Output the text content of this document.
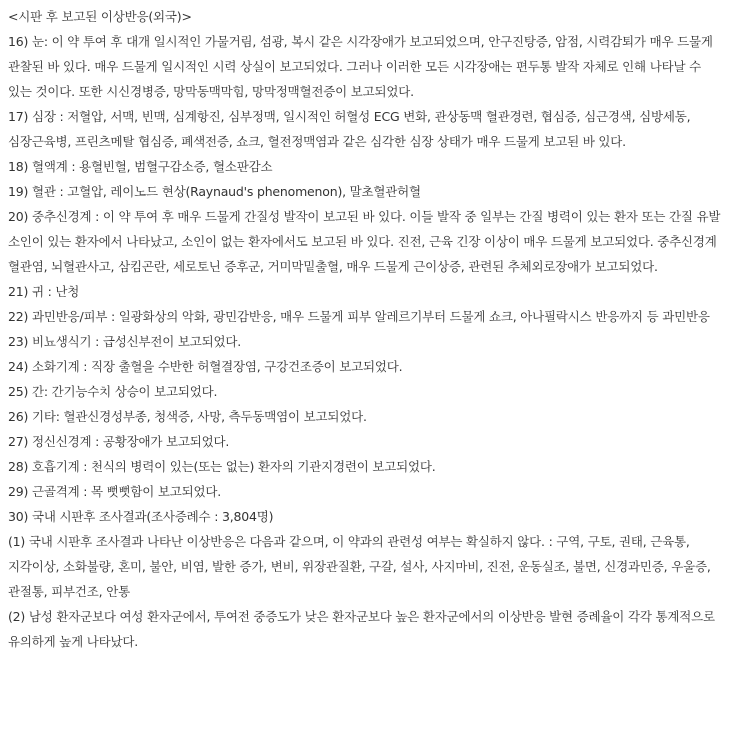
<시판 후 보고된 이상반응(외국)>

16) 눈: 이 약 투여 후 대개 일시적인 가물거림, 섬광, 복시 같은 시각장애가 보고되었으며, 안구진탕증, 암점, 시력감퇴가 매우 드물게 관찰된 바 있다. 매우 드물게 일시적인 시력 상실이 보고되었다. 그러나 이러한 모든 시각장애는 편두통 발작 자체로 인해 나타날 수 있는 것이다. 또한 시신경병증, 망막동맥막힘, 망막정맥혈전증이 보고되었다.

17) 심장 : 저혈압, 서맥, 빈맥, 심계항진, 심부정맥, 일시적인 허혈성 ECG 변화, 관상동맥 혈관경련, 협심증, 심근경색, 심방세동, 심장근육병, 프린츠메탈 협심증, 폐색전증, 쇼크, 혈전정맥염과 같은 심각한 심장 상태가 매우 드물게 보고된 바 있다.

18) 혈액계 : 용혈빈혈, 범혈구감소증, 혈소판감소

19) 혈관 : 고혈압, 레이노드 현상(Raynaud's phenomenon), 말초혈관허혈

20) 중추신경계 : 이 약 투여 후 매우 드물게 간질성 발작이 보고된 바 있다. 이들 발작 중 일부는 간질 병력이 있는 환자 또는 간질 유발 소인이 있는 환자에서 나타났고, 소인이 없는 환자에서도 보고된 바 있다. 진전, 근육 긴장 이상이 매우 드물게 보고되었다. 중추신경계 혈관염, 뇌혈관사고, 삼킴곤란, 세로토닌 증후군, 거미막밑출혈, 매우 드물게 근이상증, 관련된 추체외로장애가 보고되었다.

21) 귀 : 난청

22) 과민반응/피부 : 일광화상의 악화, 광민감반응, 매우 드물게 피부 알레르기부터 드물게 쇼크, 아나필락시스 반응까지 등 과민반응

23) 비뇨생식기 : 급성신부전이 보고되었다.

24) 소화기계 : 직장 출혈을 수반한 허혈결장염, 구강건조증이 보고되었다.

25) 간: 간기능수치 상승이 보고되었다.

26) 기타: 혈관신경성부종, 청색증, 사망, 측두동맥염이 보고되었다.

27) 정신신경계 : 공황장애가 보고되었다.

28) 호흡기계 : 천식의 병력이 있는(또는 없는) 환자의 기관지경련이 보고되었다.

29) 근골격계 : 목 뻣뻣함이 보고되었다.

30) 국내 시판후 조사결과(조사증례수 : 3,804명)

(1) 국내 시판후 조사결과 나타난 이상반응은 다음과 같으며, 이 약과의 관련성 여부는 확실하지 않다. : 구역, 구토, 권태, 근육통, 지각이상, 소화불량, 혼미, 불안, 비염, 발한 증가, 변비, 위장관질환, 구갈, 설사, 사지마비, 진전, 운동실조, 불면, 신경과민증, 우울증, 관절통, 피부건조, 안통

(2) 남성 환자군보다 여성 환자군에서, 투여전 중증도가 낮은 환자군보다 높은 환자군에서의 이상반응 발현 증례율이 각각 통계적으로 유의하게 높게 나타났다.
